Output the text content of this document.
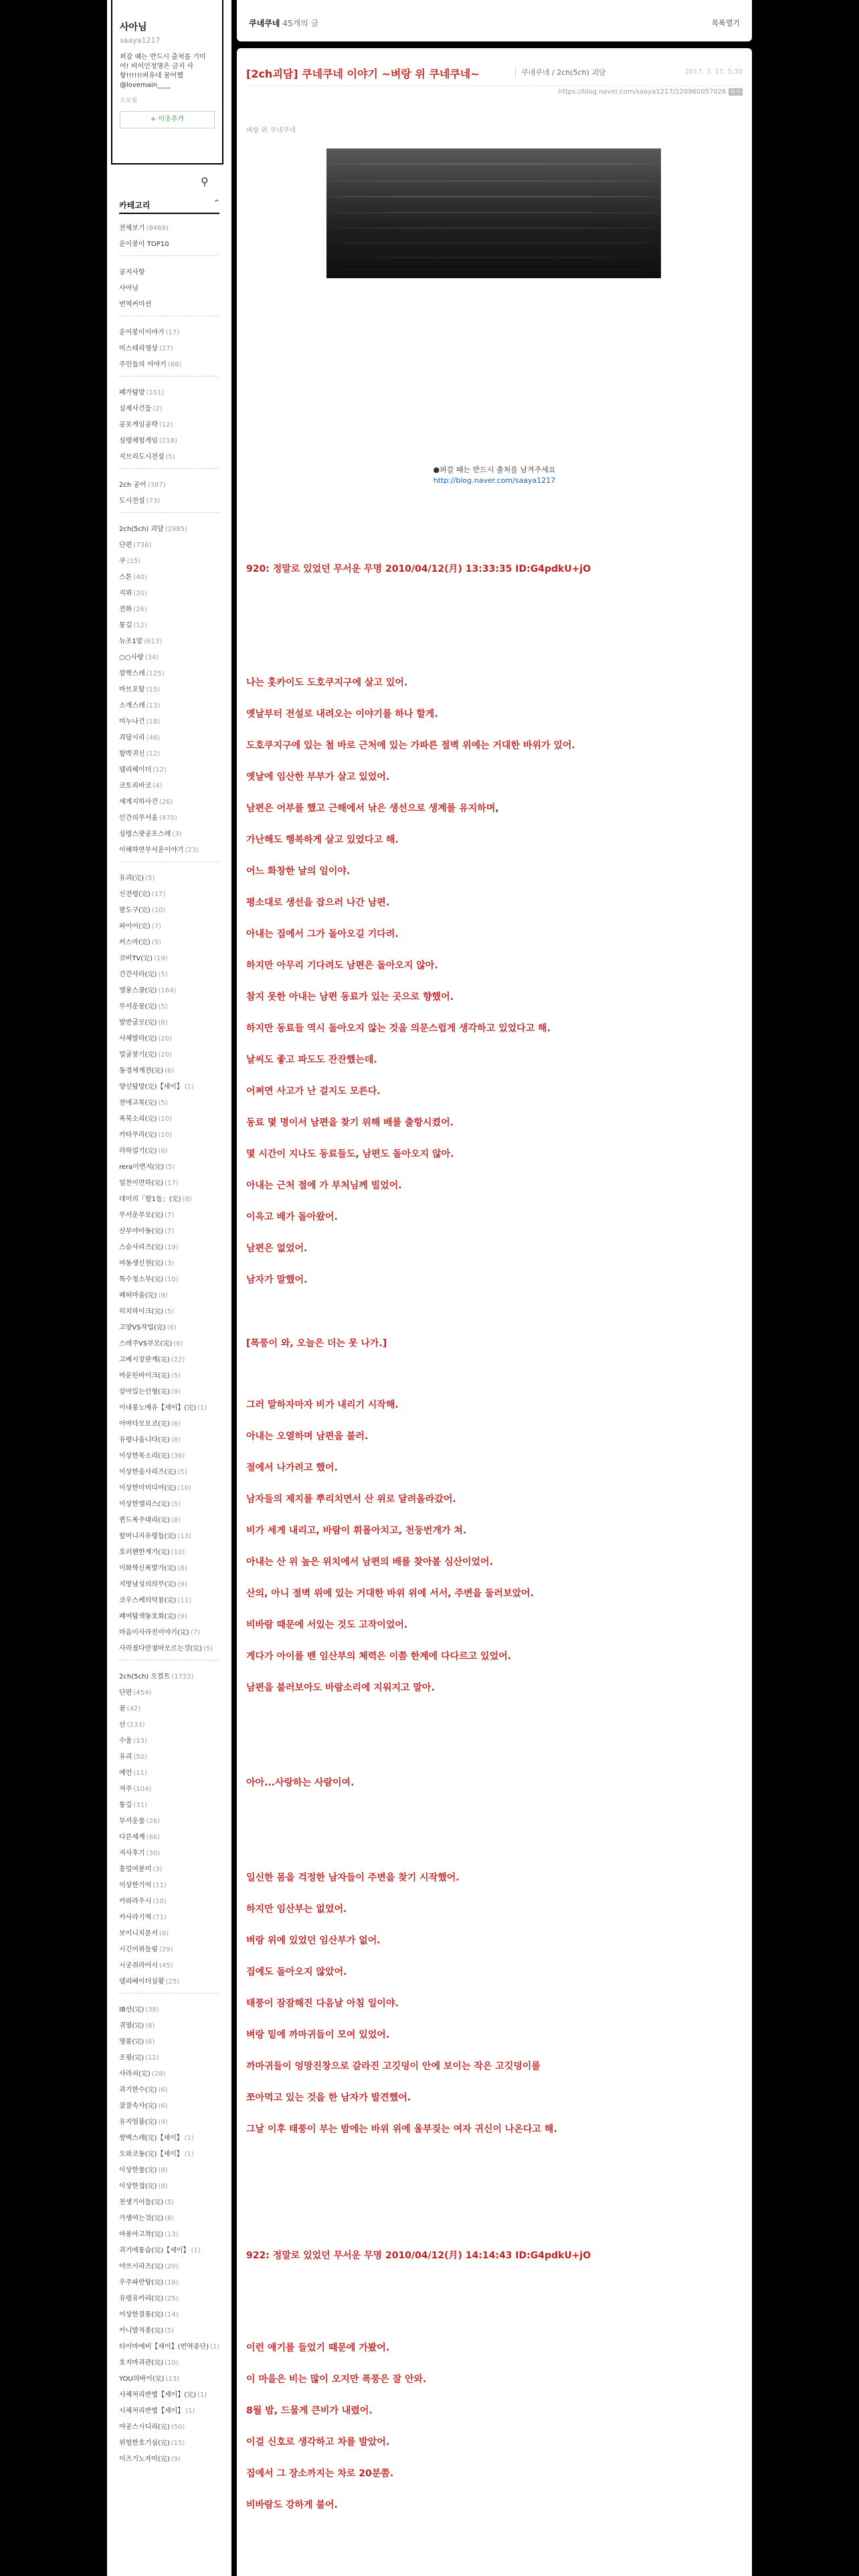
사아님
saaya1217
퍼갈 때는 반드시 출처를 기미어! 비이인정명은 금지 사항!!!!!!퍼유네 꿈어쨌 @lovemain____
프로필
+ 이웃추가
⚲
카테고리	^
전체보기 (8469)
운이봉이 TOP10
공지사항
사야님
번역커미션
운이봉이이야기 (17)
미스테리영상 (27)
주민들의 이야기 (88)
폐가탐방 (101)
실제사건들 (2)
공포게임공략 (12)
심령체험게임 (218)
지브리도시전설 (5)
2ch 공어 (387)
도시전설 (73)
2ch(5ch) 괴담 (2985)
단편 (736)
쿠 (15)
스톤 (40)
지위 (20)
전화 (26)
통길 (12)
뉴조1알 (613)
○○사랑 (34)
깜짝스레 (125)
마브포탈 (15)
소개스레 (13)
미누나건 (18)
괴담시리 (46)
함박귀신 (12)
델리헤이더 (12)
코토리바코 (4)
세계지하사건 (26)
인간의무서움 (470)
심령스팟공포스레 (3)
이해하면무서운이야기 (23)
유괴(完) (5)
신전령(完) (17)
팔도구(完) (10)
파이어(完) (7)
커스마(完) (5)
코비TV(完) (19)
간간사라(完) (5)
엘롱스쿨(完) (164)
무서운꿈(完) (5)
발반굴모(完) (8)
사체발라(完) (20)
얼굴찾기(完) (20)
동경세계전(完) (6)
양신탐방(完)【세이】 (1)
천애고목(完) (5)
폭북소리(完) (10)
카타무라(完) (10)
라하얼기(完) (6)
rera이면지(完) (5)
일찬이면하(完) (17)
데이의「할1들」(完) (8)
무서운부모(完) (7)
산부야아동(完) (7)
스승사리즈(完) (19)
여동생신천(完) (3)
특수청소부(完) (10)
폐허마을(完) (9)
히치하이크(完) (5)
고양VS작업(完) (6)
스레주VS부모(完) (6)
고베시장관계(完) (22)
마운틴바이크(完) (5)
살아있는인형(完) (9)
이내풍노예유【세이】(完) (1)
아마다모모코(完) (6)
유령나옵니다(完) (8)
이상한목소리(完) (36)
이상한음사리즈(完) (5)
이상한미미디어(完) (10)
이상한엘리스(完) (5)
퀸드폭주대리(完) (8)
할머니지유령들(完) (13)
호러펜한계기(完) (10)
이화학신폭발가(完) (8)
지망남성의의무(完) (9)
코우스케의악몽(完) (11)
폐여탐색동호회(完) (9)
마음이사라진이야기(完) (7)
사라졌다만점마모르는것(完) (5)
2ch(5ch) 오컬트 (1722)
단편 (454)
꿈 (42)
산 (233)
수울 (13)
유괴 (50)
예언 (11)
저주 (104)
통길 (31)
부서운물 (26)
다른세계 (66)
저사후기 (30)
흥얼여분미 (3)
이상한기억 (11)
카와라우시 (10)
카사라기역 (71)
보이니치문서 (6)
시긴어위들림 (29)
시궁쥐라어시 (45)
델리베이더실황 (25)
IB선(完) (38)
귀열(完) (8)
영풍(完) (6)
조핑(完) (12)
사라쇠(完) (28)
괴기한수(完) (6)
잘잘속사(完) (6)
유지엄풀(完) (9)
쌍벽스레(完)【세이】 (1)
오와코동(完)【세이】 (1)
이상한물(完) (8)
이상한접(完) (8)
천생기어들(完) (5)
가생여는것(完) (8)
마용아고착(完) (13)
괴기에통습(完)【세이】 (1)
야쓰시리즈(完) (20)
우주파반탕(完) (16)
유령유카리(完) (25)
이상한결통(完) (14)
카니발적종(完) (5)
타이마에비【세이】(번역중단) (1)
호지마괴관(完) (10)
YOU의바이(完) (13)
사체처리반법【세이】(完) (1)
시체처리반법【세이】 (1)
야공스시디리(完) (50)
위험한호기심(完) (15)
이즈기노자미(完) (9)
쿠네쿠네 45개의 글	목록열기
[2ch괴담] 쿠네쿠네 이야기 ~벼랑 위 쿠네쿠네~	쿠네쿠네 / 2ch(5ch) 괴담	2017. 3. 17. 5:30
https://blog.naver.com/saaya1217/220960057026 복사
벼랑 위 쿠네쿠네
●퍼갈 때는 반드시 출처를 남겨주세요
http://blog.naver.com/saaya1217
920: 정말로 있었던 무서운 무명 2010/04/12(月) 13:33:35 ID:G4pdkU+jO
나는 홋카이도 도호쿠지구에 살고 있어.
옛날부터 전설로 내려오는 이야기를 하나 할게.
도호쿠지구에 있는 철 바로 근처에 있는 가파른 절벽 위에는 거대한 바위가 있어.
옛날에 임산한 부부가 살고 있었어.
남편은 어부를 했고 근해에서 낚은 생선으로 생계를 유지하며,
가난해도 행복하게 살고 있었다고 해.
어느 화창한 날의 일이야.
평소대로 생선을 잡으러 나간 남편.
아내는 집에서 그가 돌아오길 기다려.
하지만 아무리 기다려도 남편은 돌아오지 않아.
참지 못한 아내는 남편 동료가 있는 곳으로 향했어.
하지만 동료들 역시 돌아오지 않는 것을 의문스럽게 생각하고 있었다고 해.
날씨도 좋고 파도도 잔잔했는데.
어쩌면 사고가 난 걸지도 모른다.
동료 몇 명이서 남편을 찾기 위해 배를 출항시켰어.
몇 시간이 지나도 동료들도, 남편도 돌아오지 않아.
아내는 근처 절에 가 부처님께 빌었어.
이윽고 배가 돌아왔어.
남편은 없었어.
남자가 말했어.
[폭풍이 와, 오늘은 더는 못 나가.]
그러 말하자마자 비가 내리기 시작해.
아내는 오열하며 남편을 불러.
절에서 나가려고 했어.
남자들의 제지를 뿌리치면서 산 위로 달려올라갔어.
비가 세게 내리고, 바람이 휘몰아치고, 천둥번개가 쳐.
아내는 산 위 높은 위치에서 남편의 배를 찾아볼 심산이었어.
산의, 아니 절벽 위에 있는 거대한 바위 위에 서서, 주변을 둘러보았어.
비바람 때문에 서있는 것도 고작이었어.
게다가 아이를 밴 임산부의 체력은 이쯤 한계에 다다르고 있었어.
남편을 불러보아도 바람소리에 지워지고 말아.
아아...사랑하는 사람이여.
일신한 몸을 걱정한 남자들이 주변을 찾기 시작했어.
하지만 임산부는 없었어.
벼랑 위에 있었던 임산부가 없어.
집에도 돌아오지 않았어.
태풍이 잠잠해진 다음날 아침 일이야.
벼랑 밑에 까마귀들이 모여 있었어.
까마귀들이 엉망진창으로 갈라진 고깃덩이 안에 보이는 작은 고깃덩이를
쪼아먹고 있는 것을 한 남자가 발견했어.
그날 이후 태풍이 부는 밤에는 바위 위에 울부짖는 여자 귀신이 나온다고 해.
922: 정말로 있었던 무서운 무명 2010/04/12(月) 14:14:43 ID:G4pdkU+jO
이런 얘기를 들었기 때문에 가봤어.
이 마을은 비는 많이 오지만 폭풍은 잘 안와.
8월 밤, 드물게 큰비가 내렸어.
이걸 신호로 생각하고 차를 발았어.
집에서 그 장소까지는 차로 20분쯤.
비바람도 강하게 불어.
